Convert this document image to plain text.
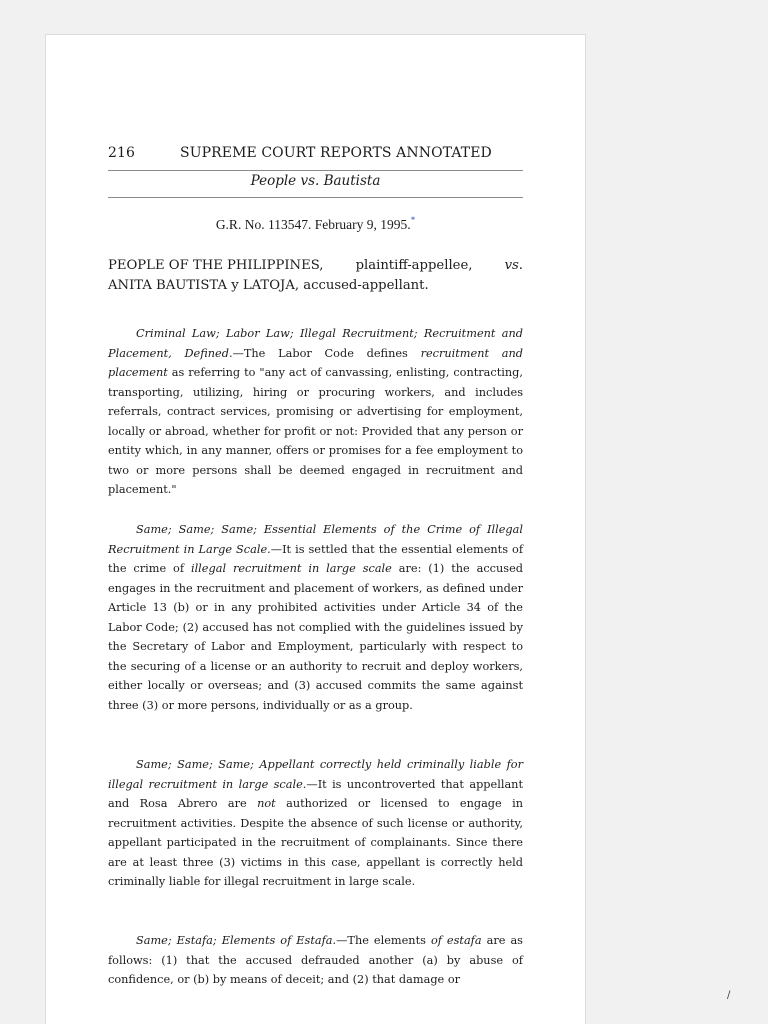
216	SUPREME COURT REPORTS ANNOTATED
People vs. Bautista
G.R. No. 113547. February 9, 1995.*
PEOPLE OF THE PHILIPPINES, plaintiff-appellee, vs.
ANITA BAUTISTA y LATOJA, accused-appellant.

Criminal Law; Labor Law; Illegal Recruitment; Recruitment and Placement, Defined.—The Labor Code defines recruitment and placement as referring to "any act of canvassing, enlisting, contracting, transporting, utilizing, hiring or procuring workers, and includes referrals, contract services, promising or advertising for employment, locally or abroad, whether for profit or not: Provided that any person or entity which, in any manner, offers or promises for a fee employment to two or more persons shall be deemed engaged in recruitment and placement."

Same; Same; Same; Essential Elements of the Crime of Illegal Recruitment in Large Scale.—It is settled that the essential elements of the crime of illegal recruitment in large scale are: (1) the accused engages in the recruitment and placement of workers, as defined under Article 13 (b) or in any prohibited activities under Article 34 of the Labor Code; (2) accused has not complied with the guidelines issued by the Secretary of Labor and Employment, particularly with respect to the securing of a license or an authority to recruit and deploy workers, either locally or overseas; and (3) accused commits the same against three (3) or more persons, individually or as a group.

Same; Same; Same; Appellant correctly held criminally liable for illegal recruitment in large scale.—It is uncontroverted that appellant and Rosa Abrero are not authorized or licensed to engage in recruitment activities. Despite the absence of such license or authority, appellant participated in the recruitment of complainants. Since there are at least three (3) victims in this case, appellant is correctly held criminally liable for illegal recruitment in large scale.

Same; Estafa; Elements of Estafa.—The elements of estafa are as follows: (1) that the accused defrauded another (a) by abuse of confidence, or (b) by means of deceit; and (2) that damage or

/
